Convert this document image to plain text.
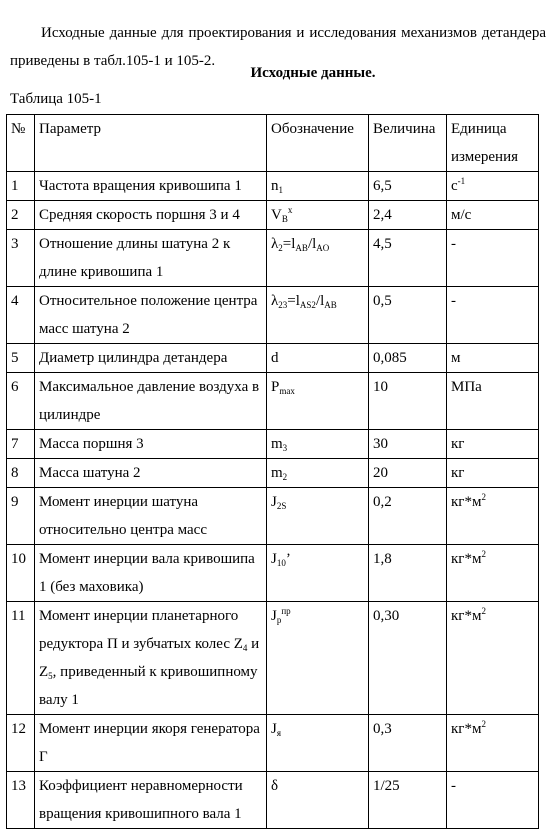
Исходные данные для проектирования и исследования механизмов детандера приведены в табл.105-1 и 105-2.

Исходные данные.
Таблица 105-1
№	Параметр	Обозначение	Величина	Единица измерения
1	Частота вращения кривошипа 1	$n_1$	6,5	$с^{-1}$
2	Средняя скорость поршня 3 и 4	$V_B^x$	2,4	м/с
3	Отношение длины шатуна 2 к длине кривошипа 1	$\lambda_2=l_{AB}/l_{AO}$	4,5	-
4	Относительное положение центра масс шатуна 2	$\lambda_{23}=l_{AS2}/l_{AB}$	0,5	-
5	Диаметр цилиндра детандера	d	0,085	м
6	Максимальное давление воздуха в цилиндре	$P_{max}$	10	МПа
7	Масса поршня 3	$m_3$	30	кг
8	Масса шатуна 2	$m_2$	20	кг
9	Момент инерции шатуна относительно центра масс	$J_{2S}$	0,2	$кг*м^2$
10	Момент инерции вала кривошипа 1 (без маховика)	$J_{10}$’	1,8	$кг*м^2$
11	Момент инерции планетарного редуктора П и зубчатых колес $Z_4$ и $Z_5$, приведенный к кривошипному валу 1	$J_p^{пр}$	0,30	$кг*м^2$
12	Момент инерции якоря генератора Г	$J_я$	0,3	$кг*м^2$
13	Коэффициент неравномерности вращения кривошипного вала 1	δ	1/25	-
